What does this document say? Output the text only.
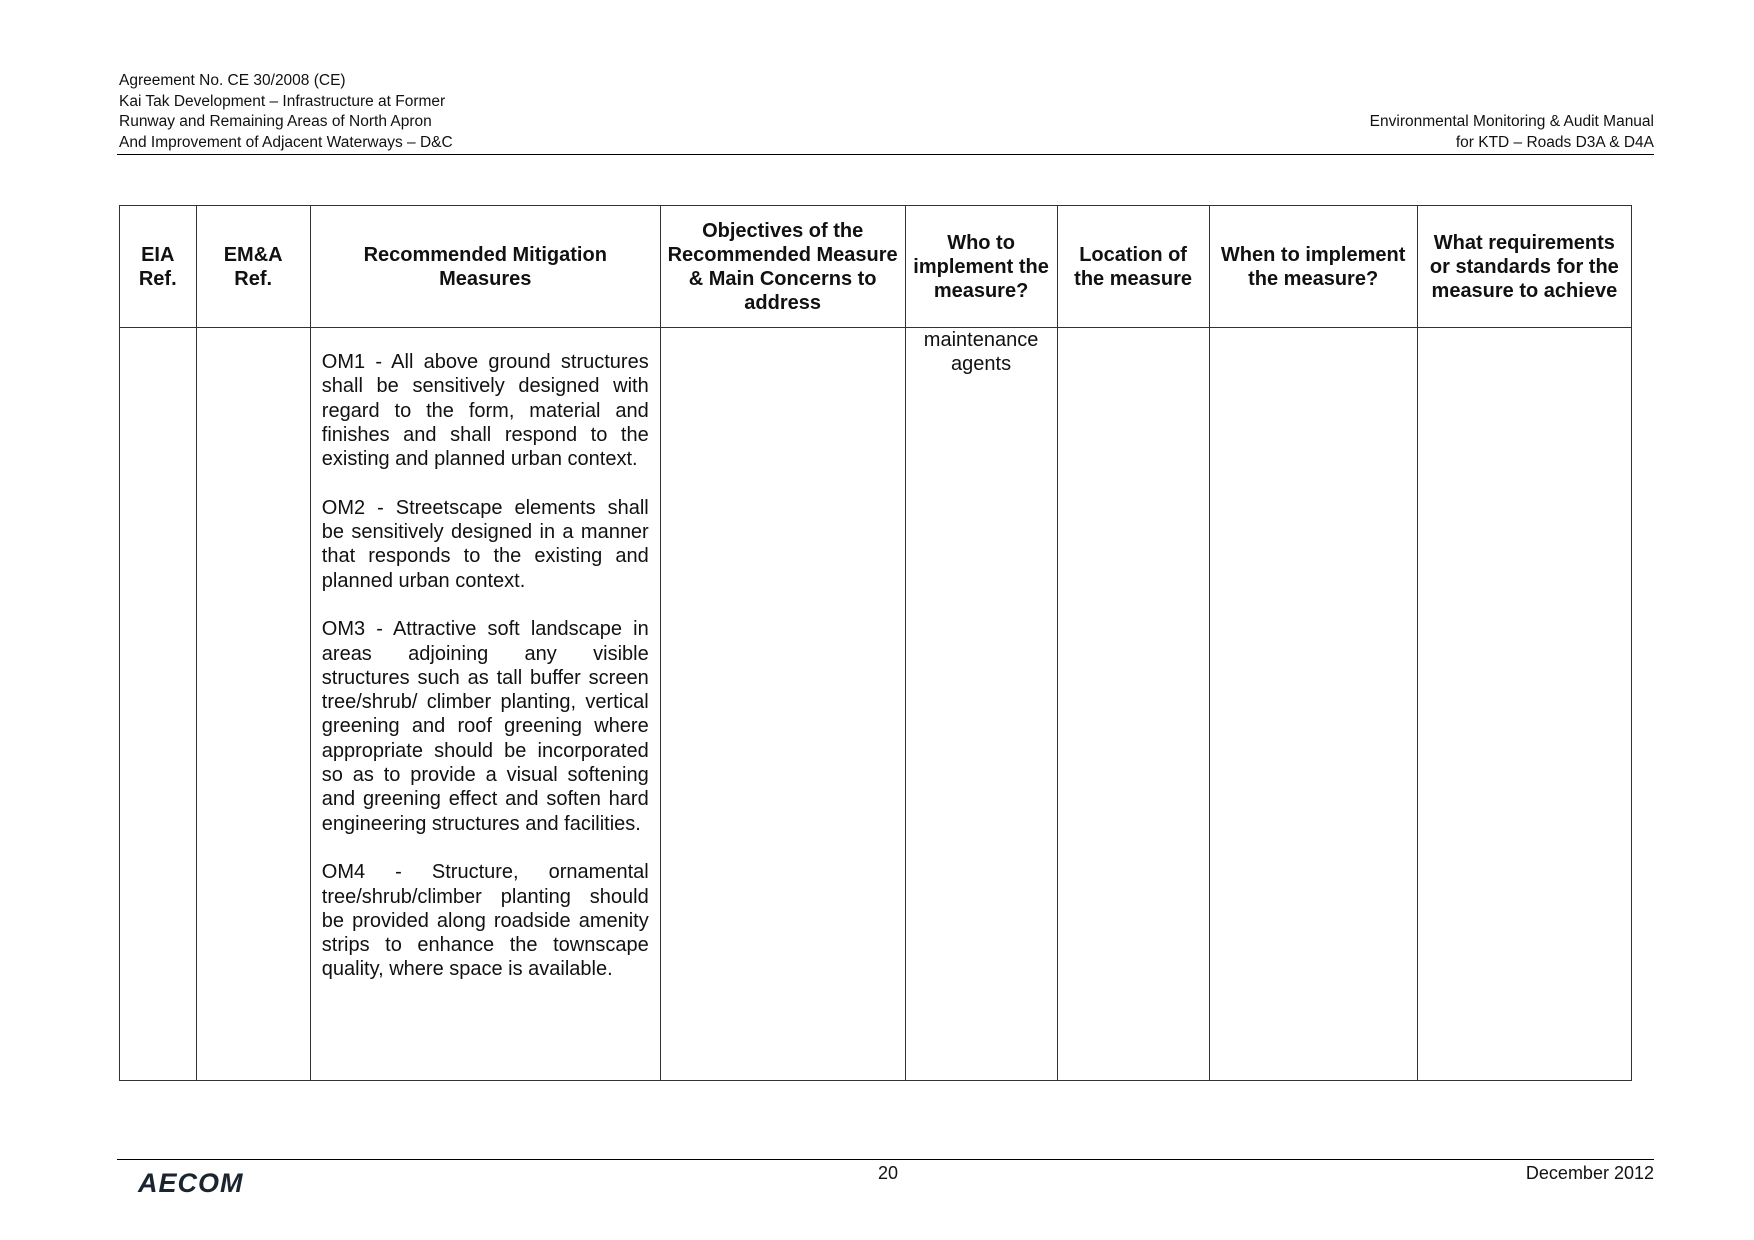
Agreement No. CE 30/2008 (CE)
Kai Tak Development – Infrastructure at Former
Runway and Remaining Areas of North Apron
And Improvement of Adjacent Waterways – D&C
Environmental Monitoring & Audit Manual
for KTD – Roads D3A & D4A
EIA Ref.	EM&A Ref.	Recommended Mitigation Measures	Objectives of the Recommended Measure & Main Concerns to address	Who to implement the measure?	Location of the measure	When to implement the measure?	What requirements or standards for the measure to achieve

		OM1 - All above ground structures shall be sensitively designed with regard to the form, material and finishes and shall respond to the existing and planned urban context.

OM2 - Streetscape elements shall be sensitively designed in a manner that responds to the existing and planned urban context.

OM3 - Attractive soft landscape in areas adjoining any visible structures such as tall buffer screen tree/shrub/ climber planting, vertical greening and roof greening where appropriate should be incorporated so as to provide a visual softening and greening effect and soften hard engineering structures and facilities.

OM4 - Structure, ornamental tree/shrub/climber planting should be provided along roadside amenity strips to enhance the townscape quality, where space is available.		maintenance agents			

AECOM	20	December 2012
